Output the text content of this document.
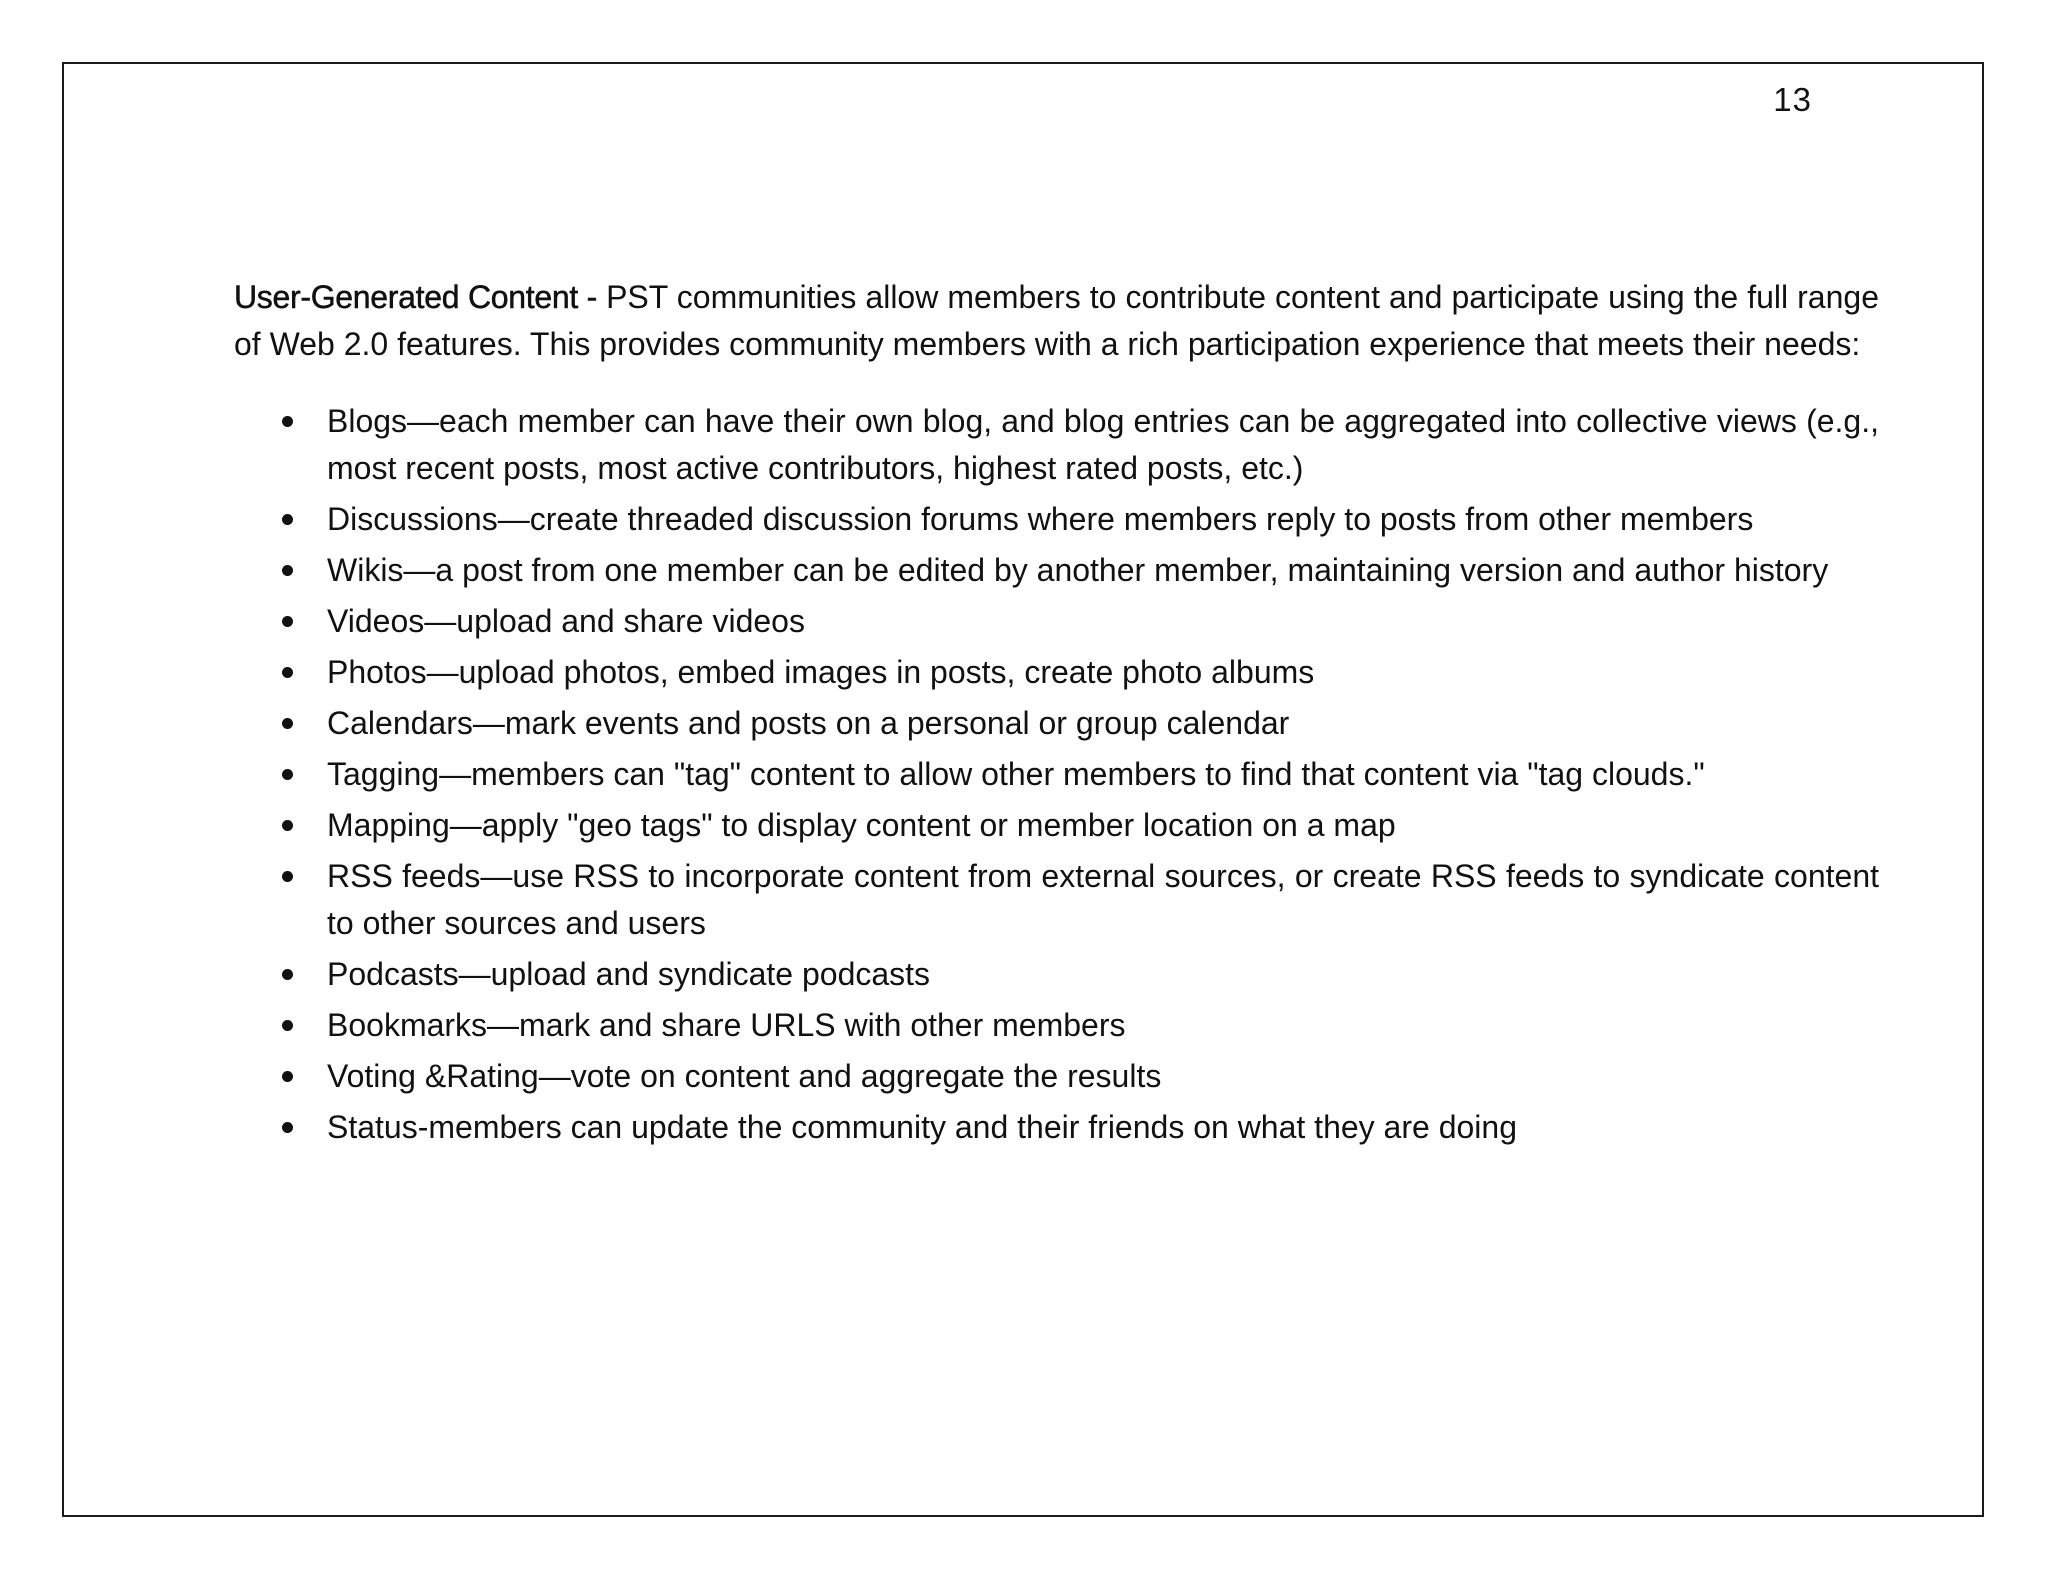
13

User-Generated Content - PST communities allow members to contribute content and participate using the full range of Web 2.0 features. This provides community members with a rich participation experience that meets their needs:

Blogs—each member can have their own blog, and blog entries can be aggregated into collective views (e.g., most recent posts, most active contributors, highest rated posts, etc.)
Discussions—create threaded discussion forums where members reply to posts from other members
Wikis—a post from one member can be edited by another member, maintaining version and author history
Videos—upload and share videos
Photos—upload photos, embed images in posts, create photo albums
Calendars—mark events and posts on a personal or group calendar
Tagging—members can "tag" content to allow other members to find that content via "tag clouds."
Mapping—apply "geo tags" to display content or member location on a map
RSS feeds—use RSS to incorporate content from external sources, or create RSS feeds to syndicate content to other sources and users
Podcasts—upload and syndicate podcasts
Bookmarks—mark and share URLS with other members
Voting &Rating—vote on content and aggregate the results
Status-members can update the community and their friends on what they are doing
